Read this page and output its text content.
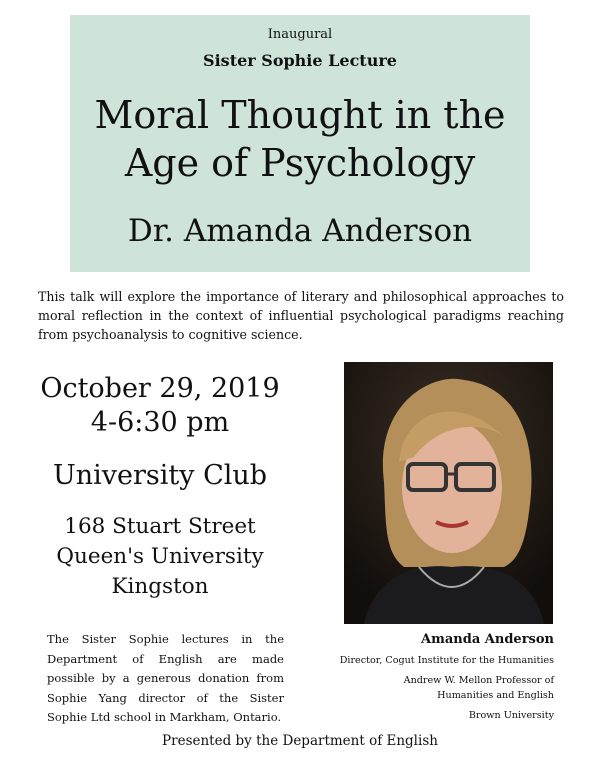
Inaugural
Sister Sophie Lecture
Moral Thought in the
Age of Psychology
Dr. Amanda Anderson
This talk will explore the importance of literary and philosophical approaches to moral reflection in the context of influential psychological paradigms reaching from psychoanalysis to cognitive science.
October 29, 2019
4-6:30 pm
University Club
168 Stuart Street
Queen's University
Kingston
The Sister Sophie lectures in the Department of English are made possible by a generous donation from Sophie Yang director of the Sister Sophie Ltd school in Markham, Ontario.
Amanda Anderson
Director, Cogut Institute for the Humanities
Andrew W. Mellon Professor of
Humanities and English
Brown University
Presented by the Department of English
